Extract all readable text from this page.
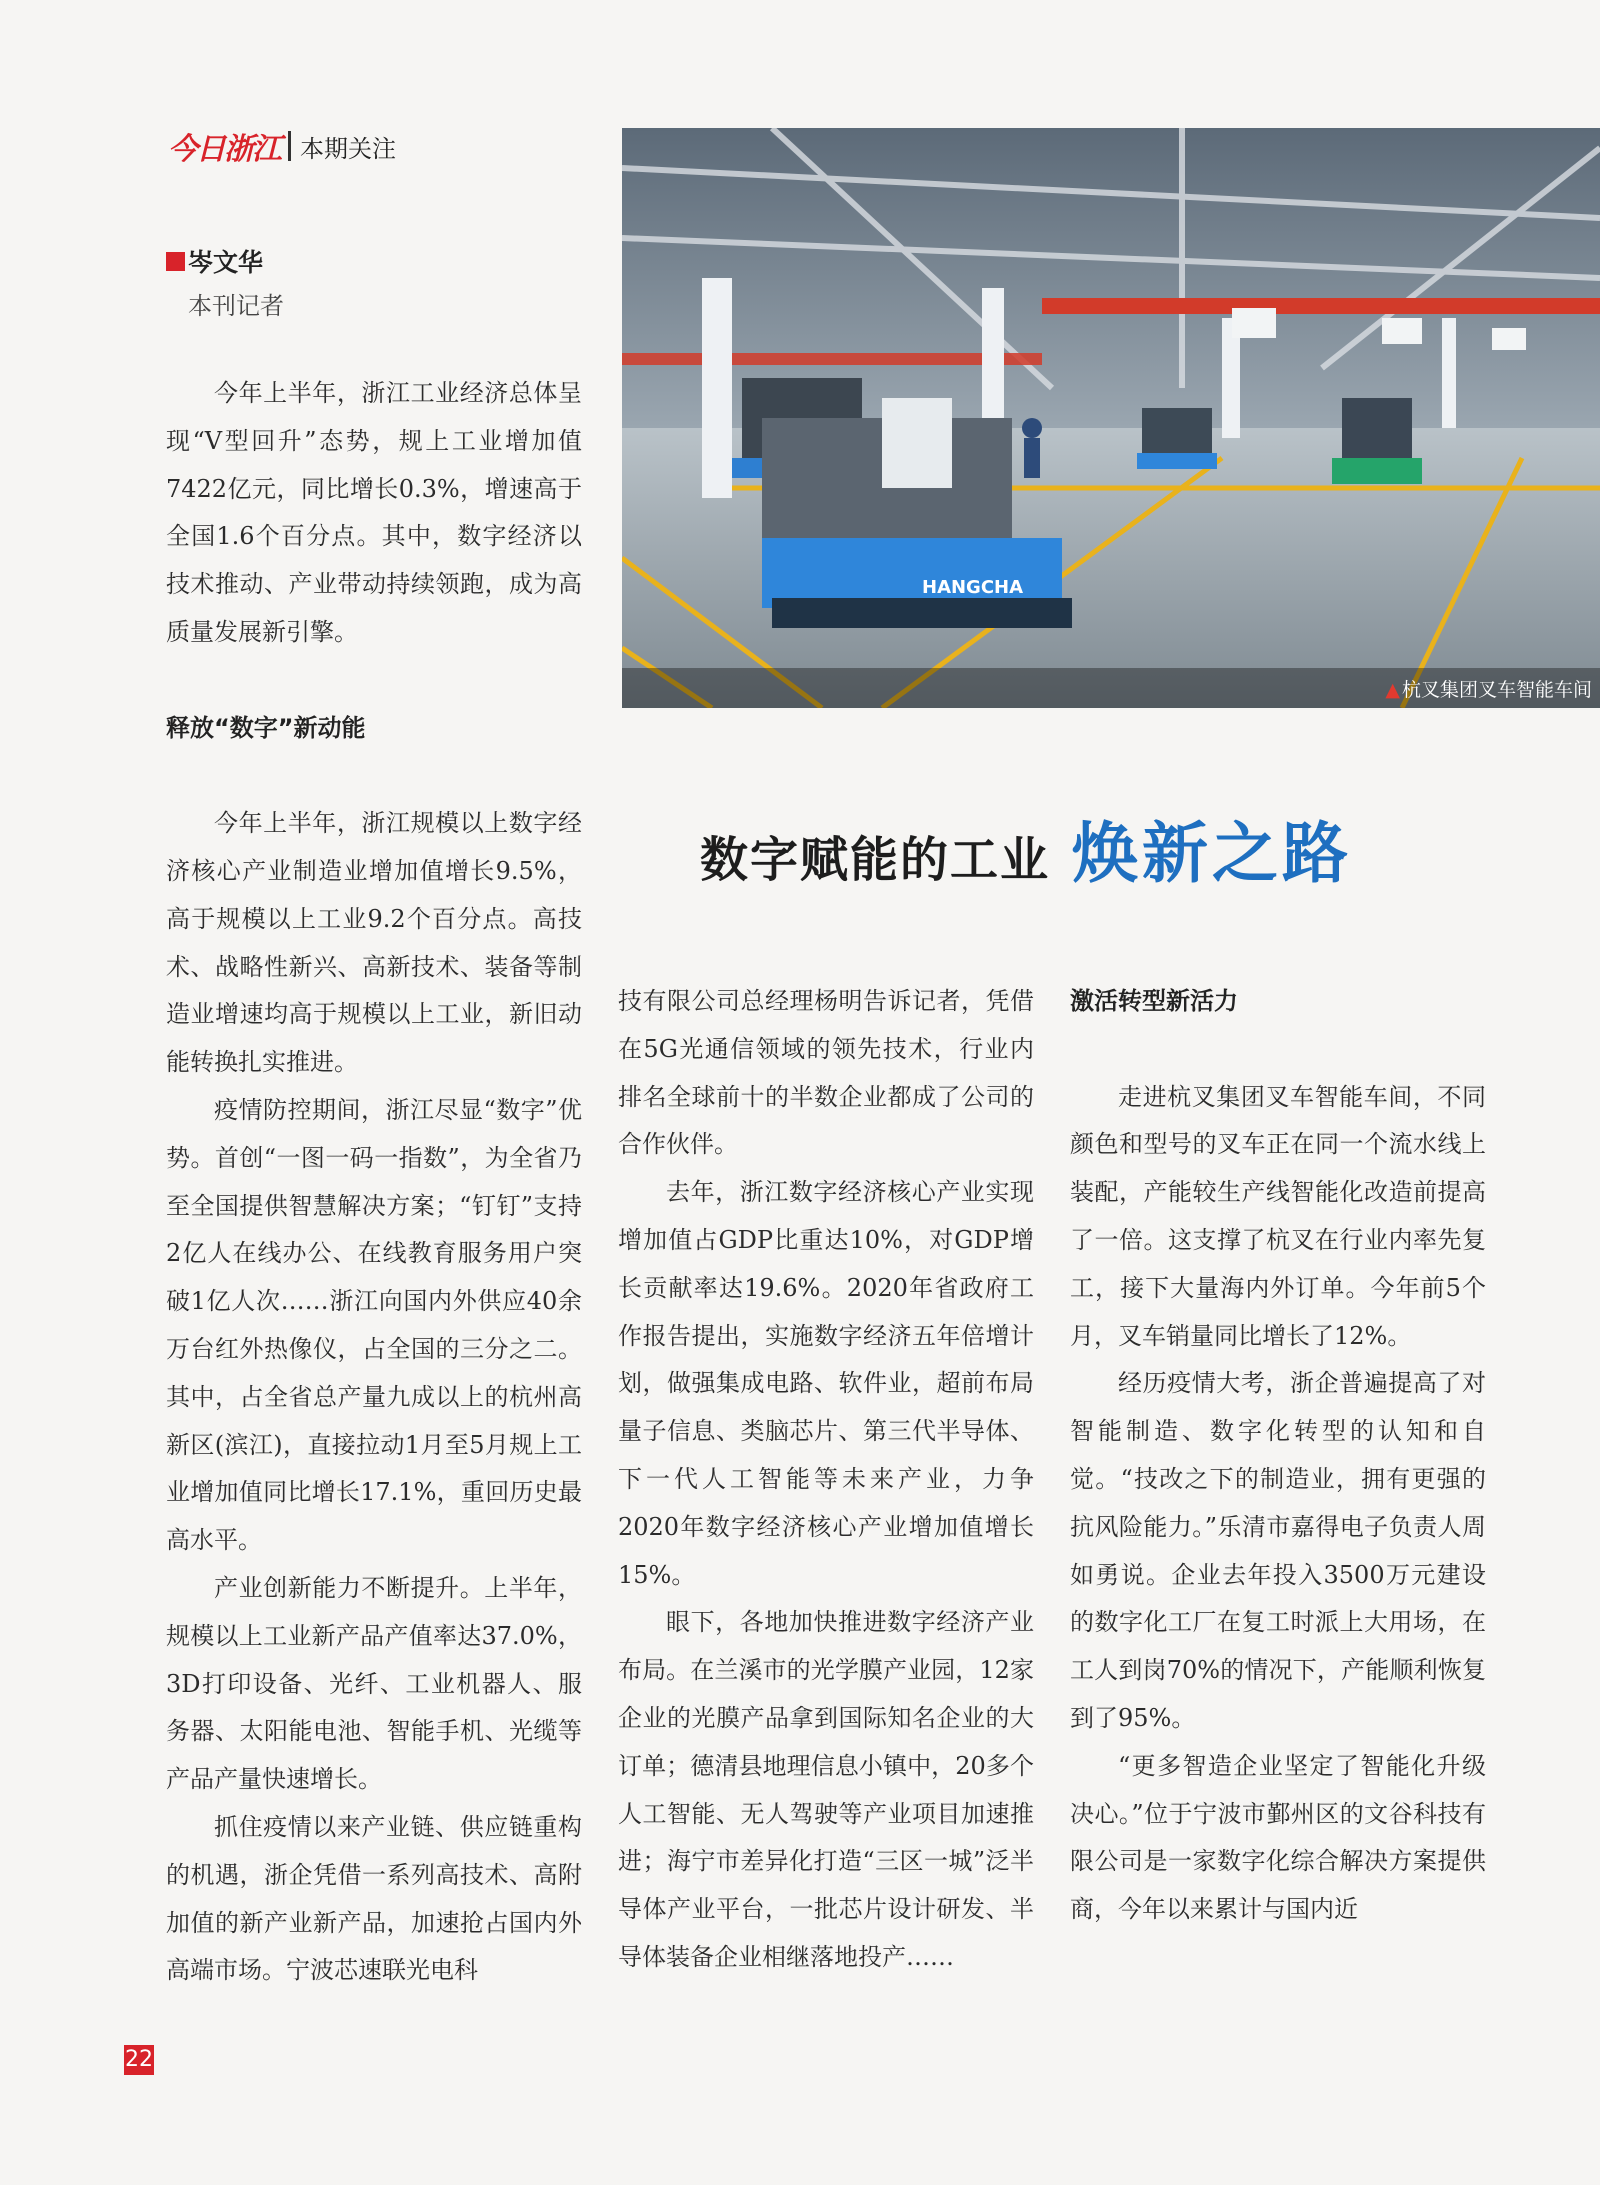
今日浙江 本期关注
岑文华
本刊记者

今年上半年，浙江工业经济总体呈现“V型回升”态势，规上工业增加值7422亿元，同比增长0.3%，增速高于全国1.6个百分点。其中，数字经济以技术推动、产业带动持续领跑，成为高质量发展新引擎。

释放“数字”新动能

今年上半年，浙江规模以上数字经济核心产业制造业增加值增长9.5%，高于规模以上工业9.2个百分点。高技术、战略性新兴、高新技术、装备等制造业增速均高于规模以上工业，新旧动能转换扎实推进。

疫情防控期间，浙江尽显“数字”优势。首创“一图一码一指数”，为全省乃至全国提供智慧解决方案；“钉钉”支持2亿人在线办公、在线教育服务用户突破1亿人次……浙江向国内外供应40余万台红外热像仪，占全国的三分之二。其中，占全省总产量九成以上的杭州高新区(滨江)，直接拉动1月至5月规上工业增加值同比增长17.1%，重回历史最高水平。

产业创新能力不断提升。上半年，规模以上工业新产品产值率达37.0%，3D打印设备、光纤、工业机器人、服务器、太阳能电池、智能手机、光缆等产品产量快速增长。

抓住疫情以来产业链、供应链重构的机遇，浙企凭借一系列高技术、高附加值的新产业新产品，加速抢占国内外高端市场。宁波芯速联光电科

HANGCHA
▲ 杭叉集团叉车智能车间
数字赋能的工业 焕新之路

技有限公司总经理杨明告诉记者，凭借在5G光通信领域的领先技术，行业内排名全球前十的半数企业都成了公司的合作伙伴。

去年，浙江数字经济核心产业实现增加值占GDP比重达10%，对GDP增长贡献率达19.6%。2020年省政府工作报告提出，实施数字经济五年倍增计划，做强集成电路、软件业，超前布局量子信息、类脑芯片、第三代半导体、下一代人工智能等未来产业，力争2020年数字经济核心产业增加值增长15%。

眼下，各地加快推进数字经济产业布局。在兰溪市的光学膜产业园，12家企业的光膜产品拿到国际知名企业的大订单；德清县地理信息小镇中，20多个人工智能、无人驾驶等产业项目加速推进；海宁市差异化打造“三区一城”泛半导体产业平台，一批芯片设计研发、半导体装备企业相继落地投产……

激活转型新活力

走进杭叉集团叉车智能车间，不同颜色和型号的叉车正在同一个流水线上装配，产能较生产线智能化改造前提高了一倍。这支撑了杭叉在行业内率先复工，接下大量海内外订单。今年前5个月，叉车销量同比增长了12%。

经历疫情大考，浙企普遍提高了对智能制造、数字化转型的认知和自觉。“技改之下的制造业，拥有更强的抗风险能力。”乐清市嘉得电子负责人周如勇说。企业去年投入3500万元建设的数字化工厂在复工时派上大用场，在工人到岗70%的情况下，产能顺利恢复到了95%。

“更多智造企业坚定了智能化升级决心。”位于宁波市鄞州区的文谷科技有限公司是一家数字化综合解决方案提供商，今年以来累计与国内近

22
